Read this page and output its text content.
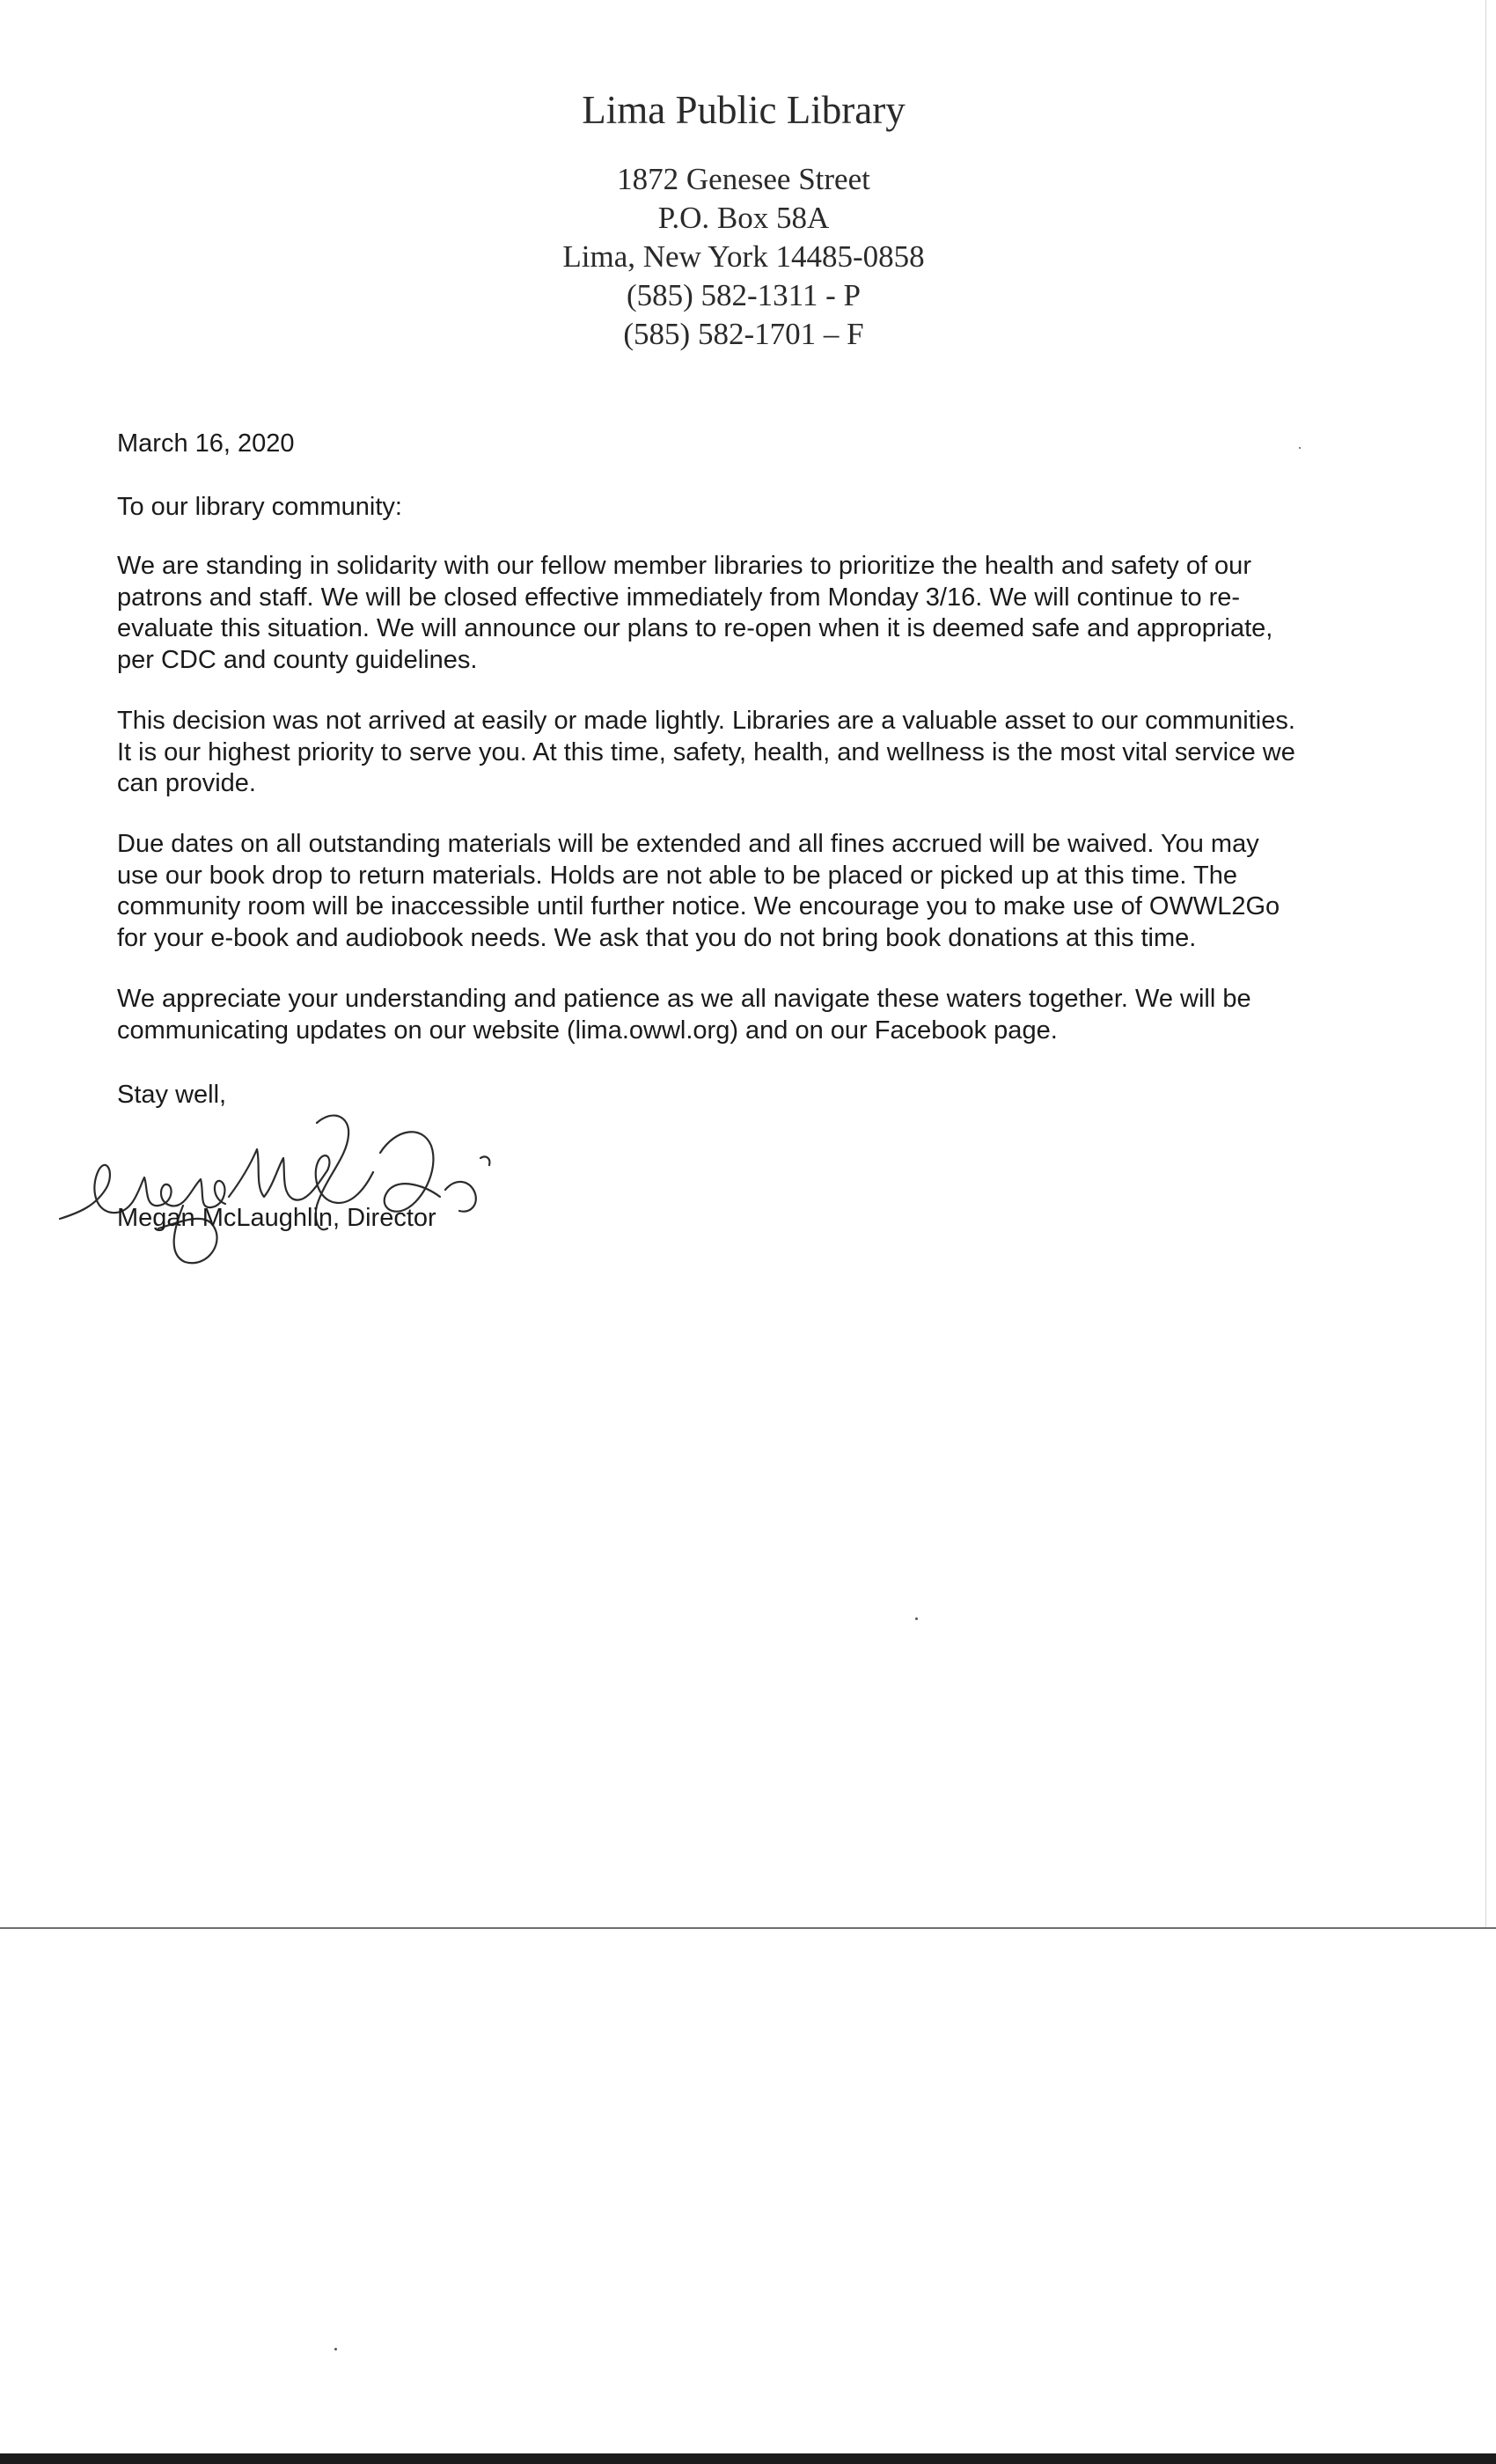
Lima Public Library
1872 Genesee Street
P.O. Box 58A
Lima, New York 14485-0858
(585) 582-1311 - P
(585) 582-1701 – F
March 16, 2020
To our library community:
We are standing in solidarity with our fellow member libraries to prioritize the health and safety of our
patrons and staff. We will be closed effective immediately from Monday 3/16. We will continue to re-
evaluate this situation. We will announce our plans to re-open when it is deemed safe and appropriate,
per CDC and county guidelines.
This decision was not arrived at easily or made lightly. Libraries are a valuable asset to our communities.
It is our highest priority to serve you. At this time, safety, health, and wellness is the most vital service we
can provide.
Due dates on all outstanding materials will be extended and all fines accrued will be waived. You may
use our book drop to return materials. Holds are not able to be placed or picked up at this time. The
community room will be inaccessible until further notice. We encourage you to make use of OWWL2Go
for your e-book and audiobook needs. We ask that you do not bring book donations at this time.
We appreciate your understanding and patience as we all navigate these waters together. We will be
communicating updates on our website (lima.owwl.org) and on our Facebook page.
Stay well,
Megan McLaughlin, Director
